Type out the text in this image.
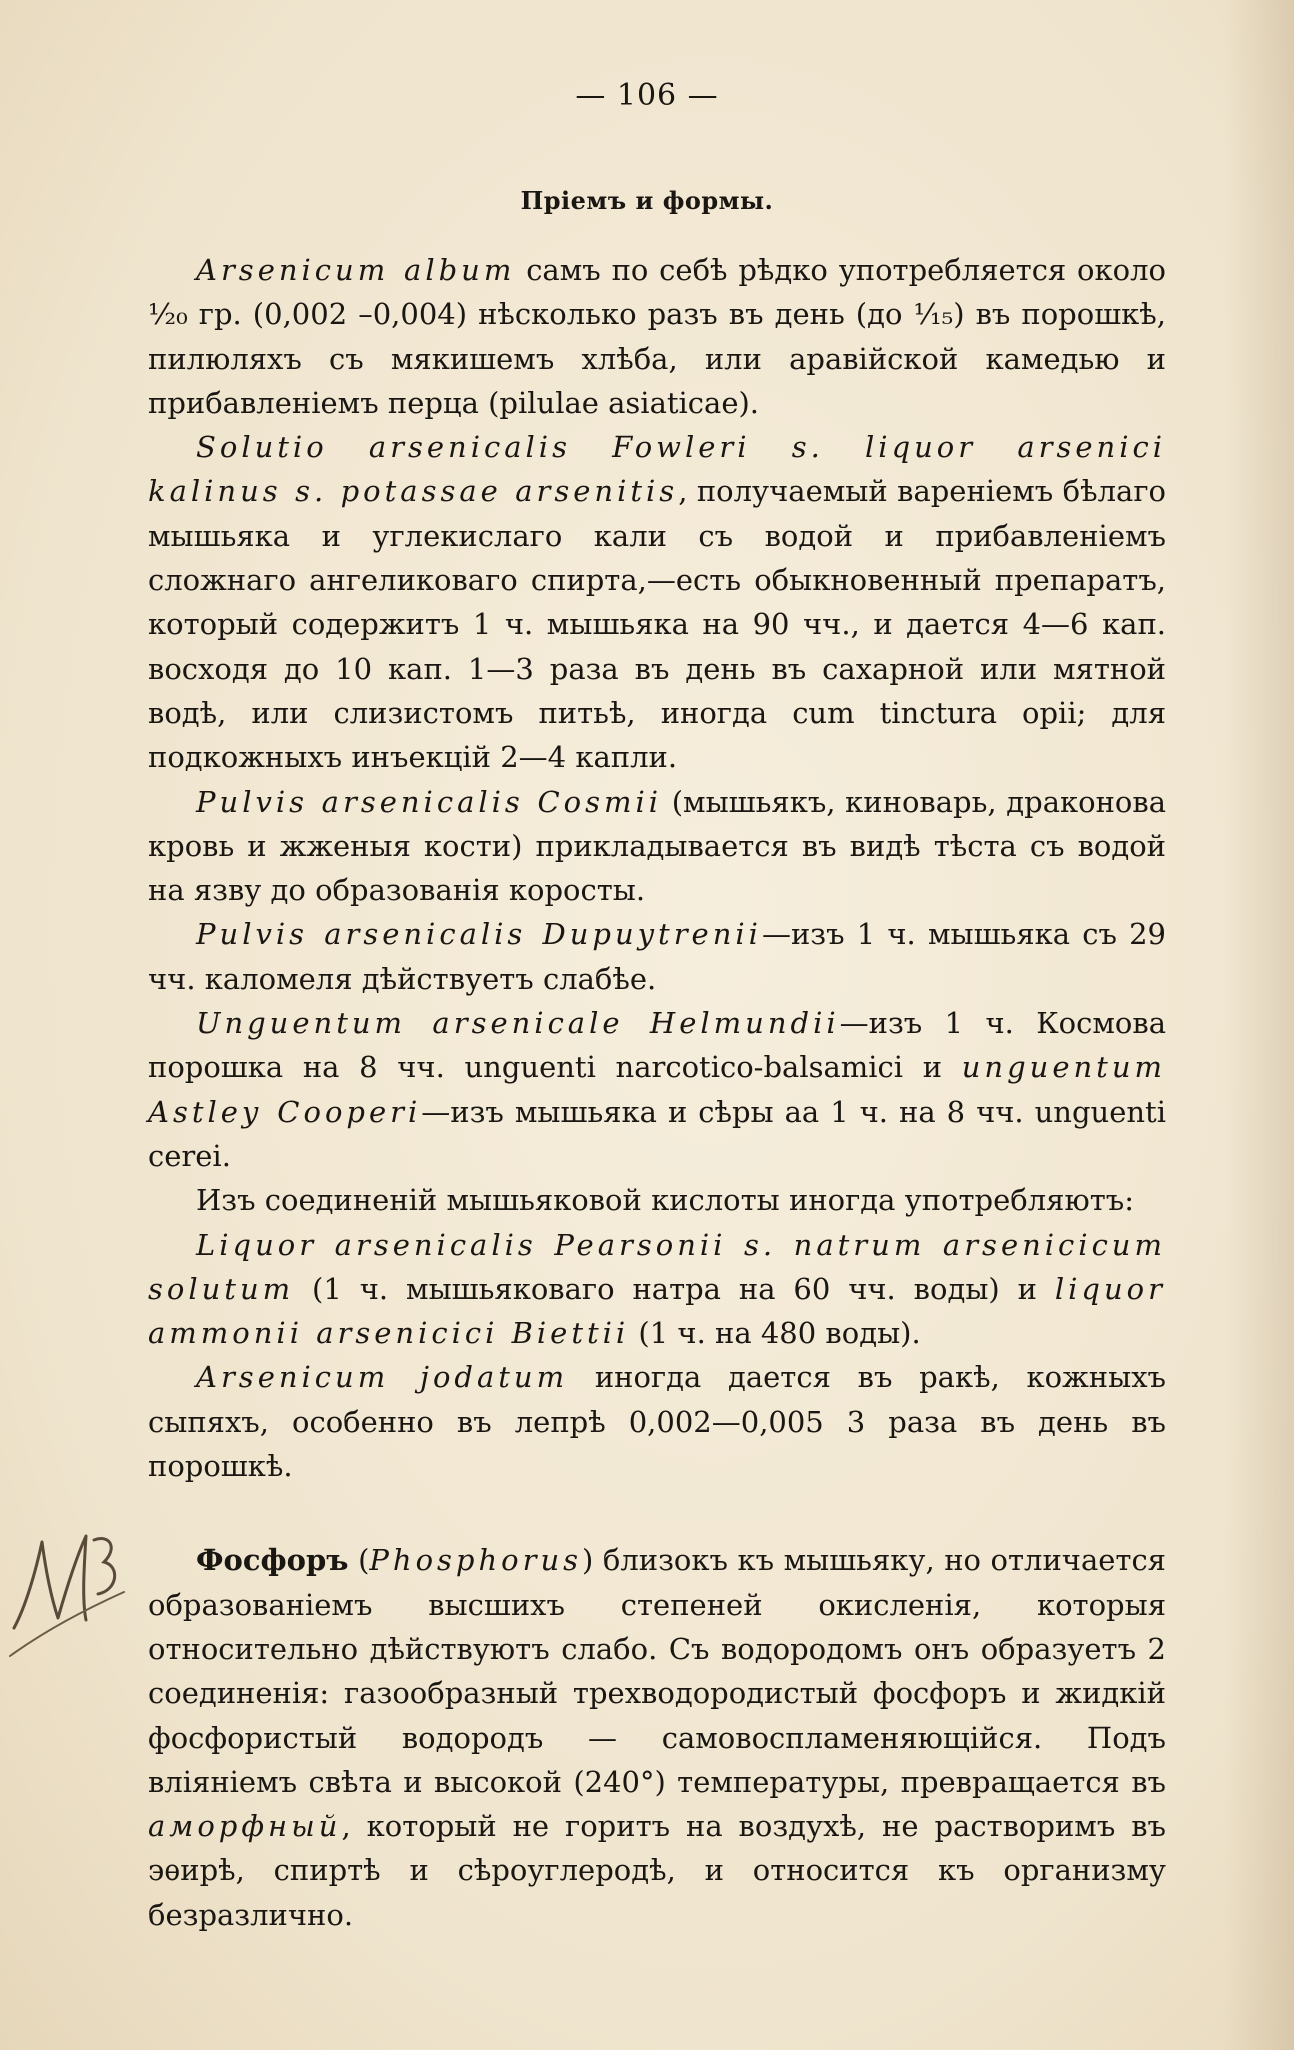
— 106 —
Пріемъ и формы.

Arsenicum album самъ по себѣ рѣдко употребляется около ¹⁄₂₀ гр. (0,002 –0,004) нѣсколько разъ въ день (до ¹⁄₁₅) въ порошкѣ, пилюляхъ съ мякишемъ хлѣба, или аравійской камедью и прибавленіемъ перца (pilulae asiaticae).

Solutio arsenicalis Fowleri s. liquor arsenici kalinus s. potassae arsenitis, получаемый вареніемъ бѣлаго мышьяка и углекислаго кали съ водой и прибавленіемъ сложнаго ангеликоваго спирта,—есть обыкновенный препаратъ, который содержитъ 1 ч. мышьяка на 90 чч., и дается 4—6 кап. восходя до 10 кап. 1—3 раза въ день въ сахарной или мятной водѣ, или слизистомъ питьѣ, иногда cum tinctura opii; для подкожныхъ инъекцій 2—4 капли.

Pulvis arsenicalis Cosmii (мышьякъ, киноварь, драконова кровь и жженыя кости) прикладывается въ видѣ тѣста съ водой на язву до образованія коросты.

Pulvis arsenicalis Dupuytrenii—изъ 1 ч. мышьяка съ 29 чч. каломеля дѣйствуетъ слабѣе.

Unguentum arsenicale Helmundii—изъ 1 ч. Космова порошка на 8 чч. unguenti narcotico-balsamici и unguentum Astley Cooperi—изъ мышьяка и сѣры aa 1 ч. на 8 чч. unguenti cerei.

Изъ соединеній мышьяковой кислоты иногда употребляютъ:

Liquor arsenicalis Pearsonii s. natrum arsenicicum solutum (1 ч. мышьяковаго натра на 60 чч. воды) и liquor ammonii arsenicici Biettii (1 ч. на 480 воды).

Arsenicum jodatum иногда дается въ ракѣ, кожныхъ сыпяхъ, особенно въ лепрѣ 0,002—0,005 3 раза въ день въ порошкѣ.

Фосфоръ (Phosphorus) близокъ къ мышьяку, но отличается образованіемъ высшихъ степеней окисленія, которыя относительно дѣйствуютъ слабо. Съ водородомъ онъ образуетъ 2 соединенія: газообразный трехводородистый фосфоръ и жидкій фосфористый водородъ — самовоспламеняющійся. Подъ вліяніемъ свѣта и высокой (240°) температуры, превращается въ аморфный, который не горитъ на воздухѣ, не растворимъ въ эѳирѣ, спиртѣ и сѣроуглеродѣ, и относится къ организму безразлично.
